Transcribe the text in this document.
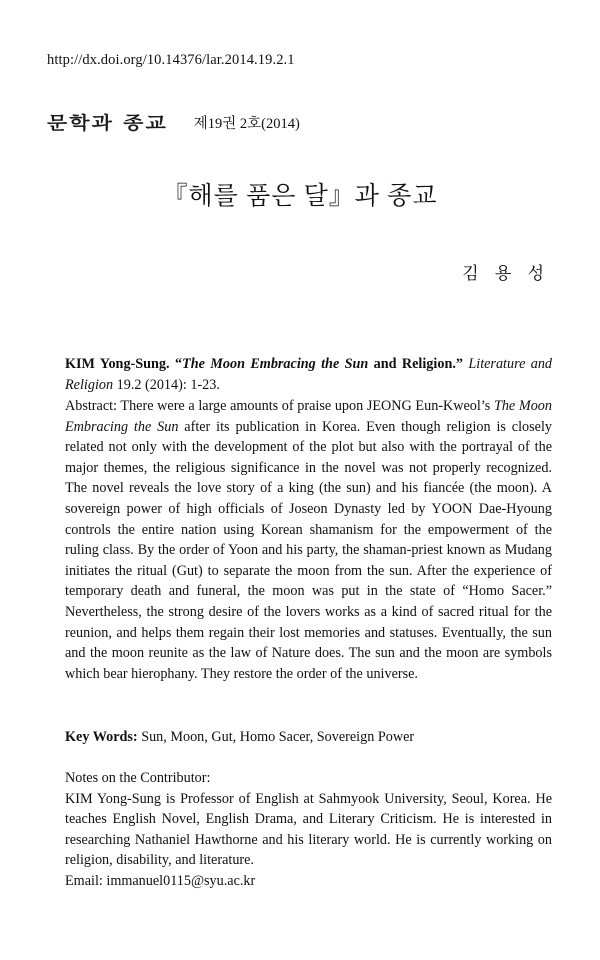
http://dx.doi.org/10.14376/lar.2014.19.2.1
문학과 종교 제19권 2호(2014)
『해를 품은 달』과 종교
김 용 성
KIM Yong-Sung. “The Moon Embracing the Sun and Religion.” Literature and Religion 19.2 (2014): 1-23.
Abstract: There were a large amounts of praise upon JEONG Eun-Kweol’s The Moon Embracing the Sun after its publication in Korea. Even though religion is closely related not only with the development of the plot but also with the portrayal of the major themes, the religious significance in the novel was not properly recognized. The novel reveals the love story of a king (the sun) and his fiancée (the moon). A sovereign power of high officials of Joseon Dynasty led by YOON Dae-Hyoung controls the entire nation using Korean shamanism for the empowerment of the ruling class. By the order of Yoon and his party, the shaman-priest known as Mudang initiates the ritual (Gut) to separate the moon from the sun. After the experience of temporary death and funeral, the moon was put in the state of “Homo Sacer.” Nevertheless, the strong desire of the lovers works as a kind of sacred ritual for the reunion, and helps them regain their lost memories and statuses. Eventually, the sun and the moon reunite as the law of Nature does. The sun and the moon are symbols which bear hierophany. They restore the order of the universe.
Key Words: Sun, Moon, Gut, Homo Sacer, Sovereign Power
Notes on the Contributor:
KIM Yong-Sung is Professor of English at Sahmyook University, Seoul, Korea. He teaches English Novel, English Drama, and Literary Criticism. He is interested in researching Nathaniel Hawthorne and his literary world. He is currently working on religion, disability, and literature.
Email: immanuel0115@syu.ac.kr
